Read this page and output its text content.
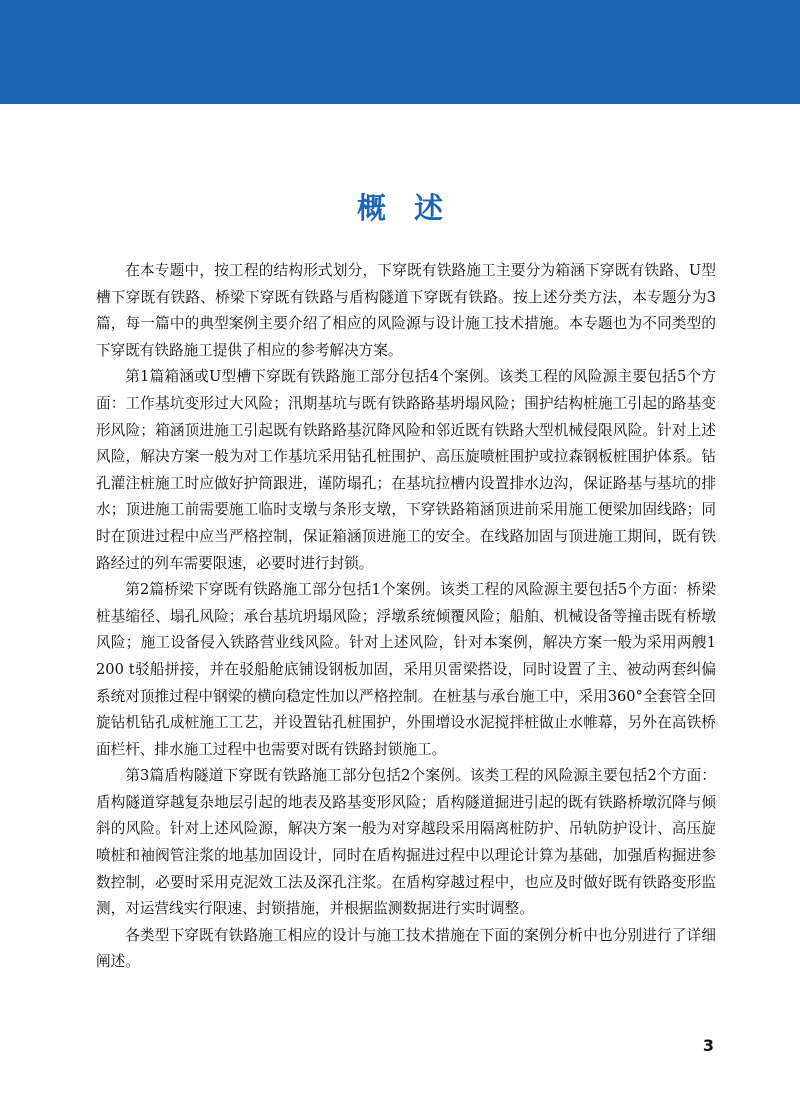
概述

在本专题中，按工程的结构形式划分，下穿既有铁路施工主要分为箱涵下穿既有铁路、U型槽下穿既有铁路、桥梁下穿既有铁路与盾构隧道下穿既有铁路。按上述分类方法，本专题分为3篇，每一篇中的典型案例主要介绍了相应的风险源与设计施工技术措施。本专题也为不同类型的下穿既有铁路施工提供了相应的参考解决方案。

第1篇箱涵或U型槽下穿既有铁路施工部分包括4个案例。该类工程的风险源主要包括5个方面：工作基坑变形过大风险；汛期基坑与既有铁路路基坍塌风险；围护结构桩施工引起的路基变形风险；箱涵顶进施工引起既有铁路路基沉降风险和邻近既有铁路大型机械侵限风险。针对上述风险，解决方案一般为对工作基坑采用钻孔桩围护、高压旋喷桩围护或拉森钢板桩围护体系。钻孔灌注桩施工时应做好护筒跟进，谨防塌孔；在基坑拉槽内设置排水边沟，保证路基与基坑的排水；顶进施工前需要施工临时支墩与条形支墩，下穿铁路箱涵顶进前采用施工便梁加固线路；同时在顶进过程中应当严格控制，保证箱涵顶进施工的安全。在线路加固与顶进施工期间，既有铁路经过的列车需要限速，必要时进行封锁。

第2篇桥梁下穿既有铁路施工部分包括1个案例。该类工程的风险源主要包括5个方面：桥梁桩基缩径、塌孔风险；承台基坑坍塌风险；浮墩系统倾覆风险；船舶、机械设备等撞击既有桥墩风险；施工设备侵入铁路营业线风险。针对上述风险，针对本案例，解决方案一般为采用两艘1 200 t驳船拼接，并在驳船舱底铺设钢板加固，采用贝雷梁搭设，同时设置了主、被动两套纠偏系统对顶推过程中钢梁的横向稳定性加以严格控制。在桩基与承台施工中，采用360°全套管全回旋钻机钻孔成桩施工工艺，并设置钻孔桩围护，外围增设水泥搅拌桩做止水帷幕，另外在高铁桥面栏杆、排水施工过程中也需要对既有铁路封锁施工。

第3篇盾构隧道下穿既有铁路施工部分包括2个案例。该类工程的风险源主要包括2个方面：盾构隧道穿越复杂地层引起的地表及路基变形风险；盾构隧道掘进引起的既有铁路桥墩沉降与倾斜的风险。针对上述风险源，解决方案一般为对穿越段采用隔离桩防护、吊轨防护设计、高压旋喷桩和袖阀管注浆的地基加固设计，同时在盾构掘进过程中以理论计算为基础，加强盾构掘进参数控制，必要时采用克泥效工法及深孔注浆。在盾构穿越过程中，也应及时做好既有铁路变形监测，对运营线实行限速、封锁措施，并根据监测数据进行实时调整。

各类型下穿既有铁路施工相应的设计与施工技术措施在下面的案例分析中也分别进行了详细阐述。

3
